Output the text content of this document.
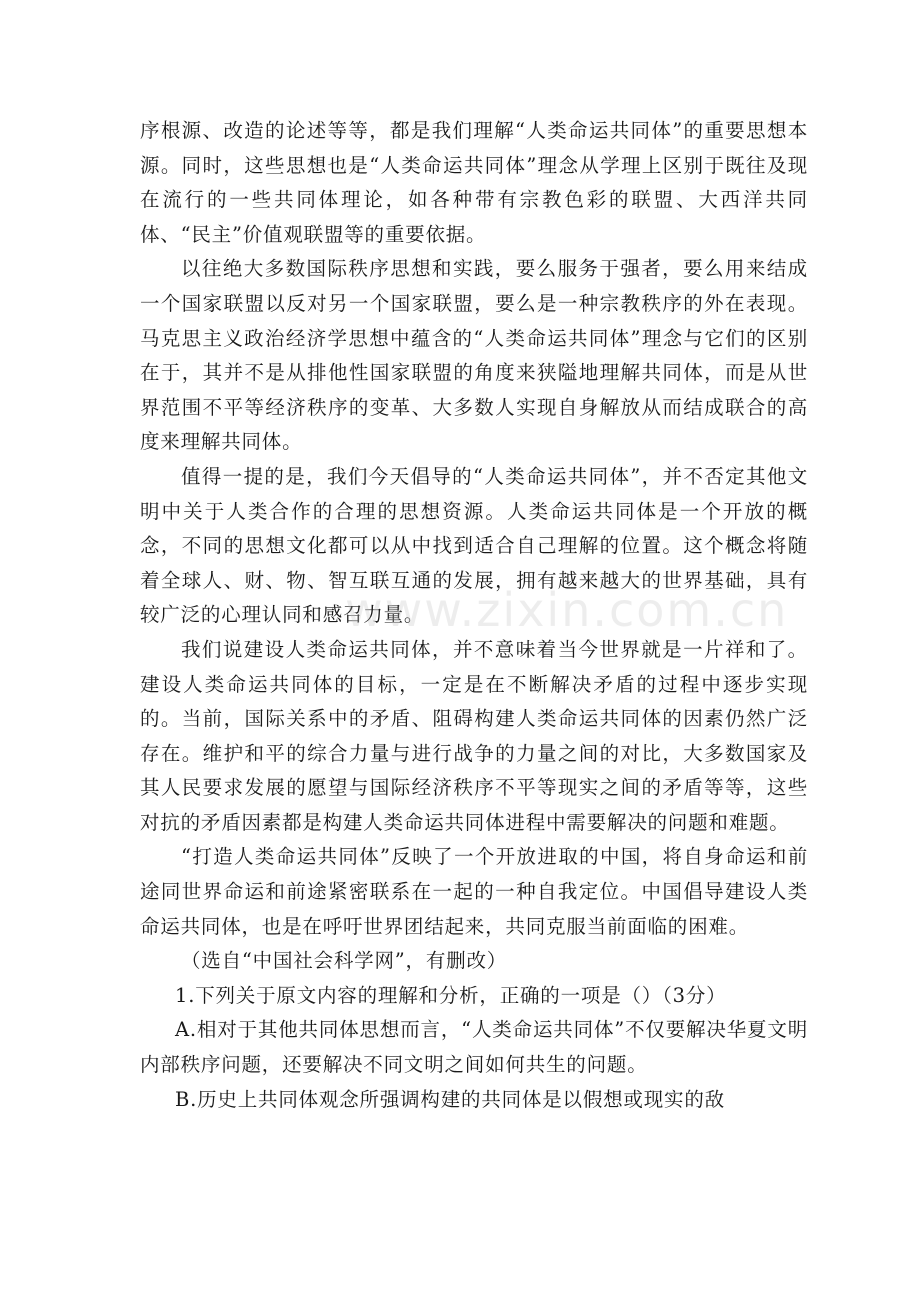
序根源、改造的论述等等，都是我们理解“人类命运共同体”的重要思想本源。同时，这些思想也是“人类命运共同体”理念从学理上区别于既往及现在流行的一些共同体理论，如各种带有宗教色彩的联盟、大西洋共同体、“民主”价值观联盟等的重要依据。

以往绝大多数国际秩序思想和实践，要么服务于强者，要么用来结成一个国家联盟以反对另一个国家联盟，要么是一种宗教秩序的外在表现。马克思主义政治经济学思想中蕴含的“人类命运共同体”理念与它们的区别在于，其并不是从排他性国家联盟的角度来狭隘地理解共同体，而是从世界范围不平等经济秩序的变革、大多数人实现自身解放从而结成联合的高度来理解共同体。

值得一提的是，我们今天倡导的“人类命运共同体”，并不否定其他文明中关于人类合作的合理的思想资源。人类命运共同体是一个开放的概念，不同的思想文化都可以从中找到适合自己理解的位置。这个概念将随着全球人、财、物、智互联互通的发展，拥有越来越大的世界基础，具有较广泛的心理认同和感召力量。

我们说建设人类命运共同体，并不意味着当今世界就是一片祥和了。建设人类命运共同体的目标，一定是在不断解决矛盾的过程中逐步实现的。当前，国际关系中的矛盾、阻碍构建人类命运共同体的因素仍然广泛存在。维护和平的综合力量与进行战争的力量之间的对比，大多数国家及其人民要求发展的愿望与国际经济秩序不平等现实之间的矛盾等等，这些对抗的矛盾因素都是构建人类命运共同体进程中需要解决的问题和难题。

“打造人类命运共同体”反映了一个开放进取的中国，将自身命运和前途同世界命运和前途紧密联系在一起的一种自我定位。中国倡导建设人类命运共同体，也是在呼吁世界团结起来，共同克服当前面临的困难。

（选自“中国社会科学网”，有删改）

1.下列关于原文内容的理解和分析，正确的一项是（）（3分）

A.相对于其他共同体思想而言，“人类命运共同体”不仅要解决华夏文明内部秩序问题，还要解决不同文明之间如何共生的问题。

B.历史上共同体观念所强调构建的共同体是以假想或现实的敌

www.zixin.com.cn
